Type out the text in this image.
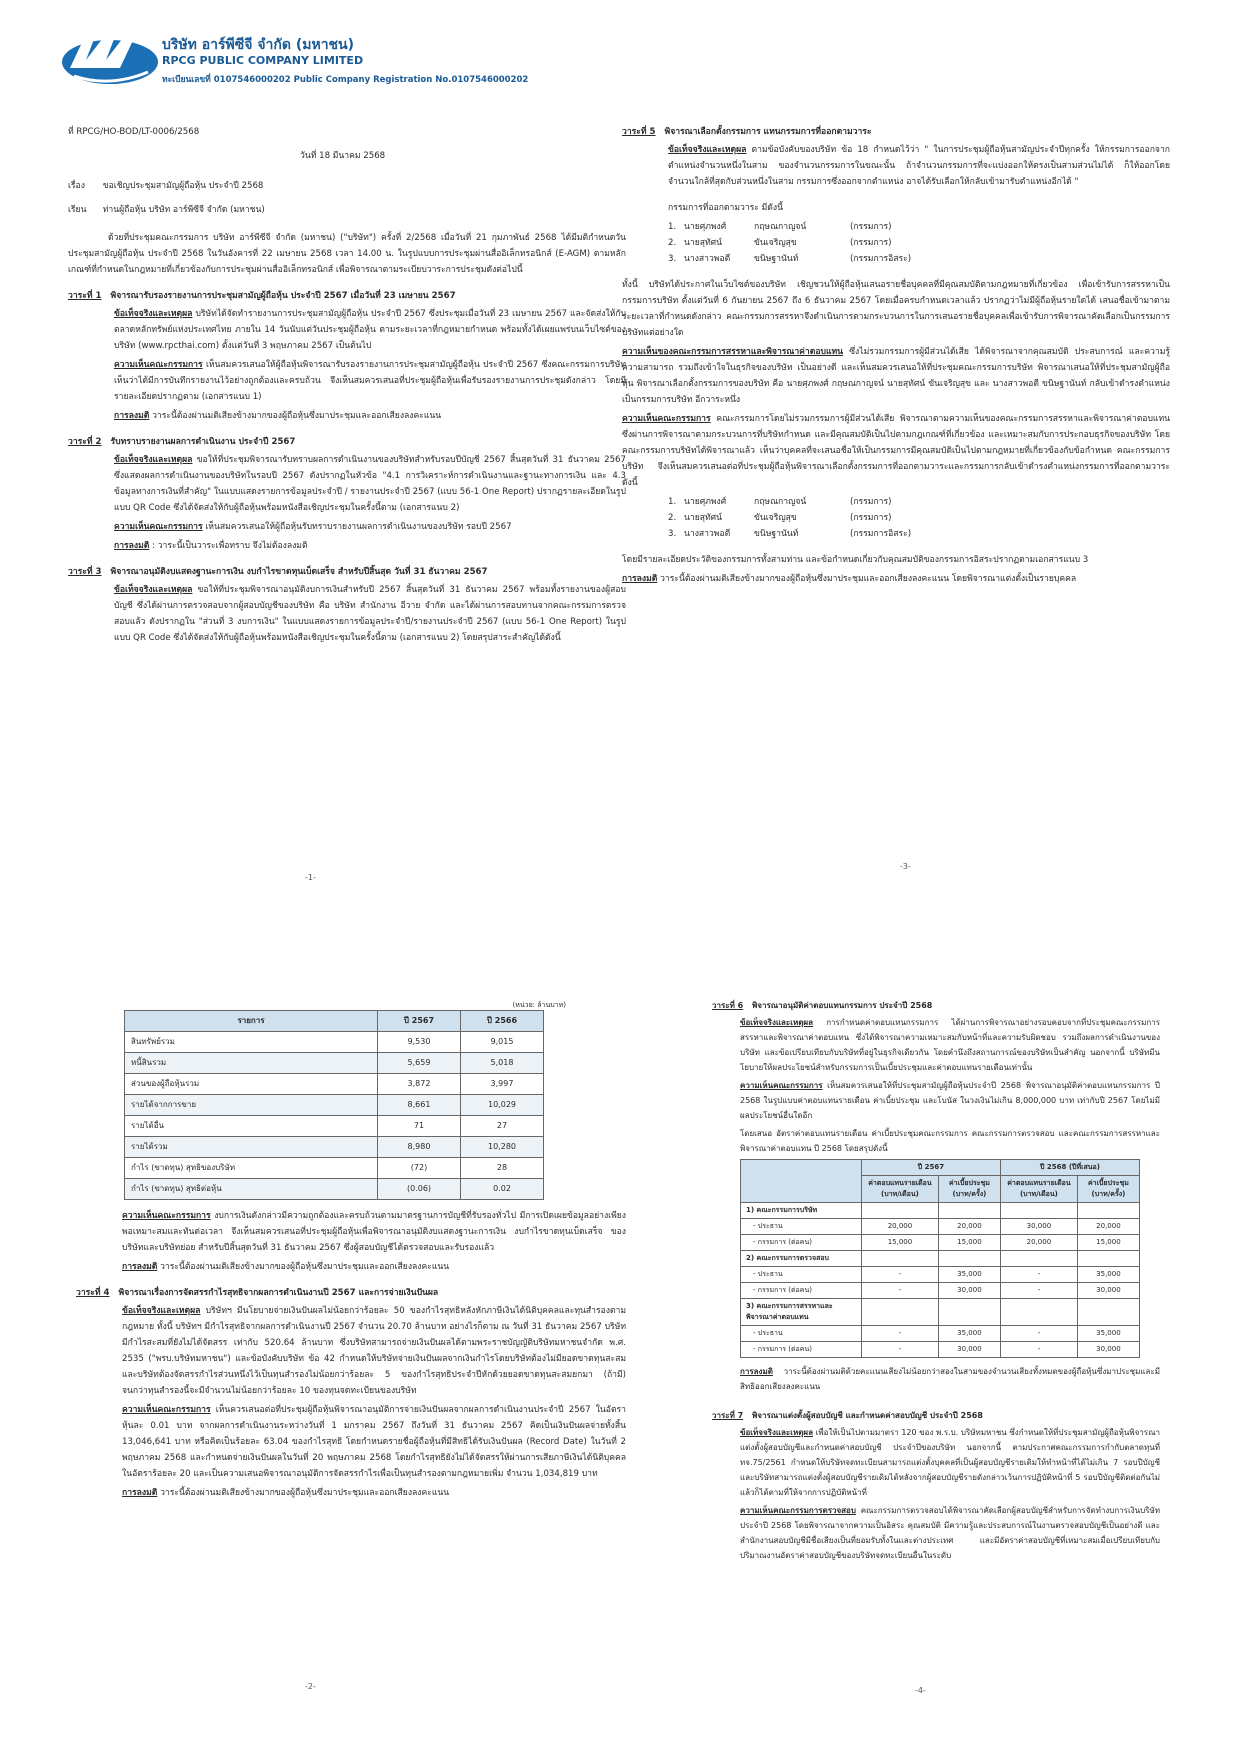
บริษัท อาร์พีซีจี จำกัด (มหาชน)
RPCG PUBLIC COMPANY LIMITED
ทะเบียนเลขที่ 0107546000202 Public Company Registration No.0107546000202

ที่ RPCG/HO-BOD/LT-0006/2568

วันที่ 18 มีนาคม 2568

เรื่อง ขอเชิญประชุมสามัญผู้ถือหุ้น ประจำปี 2568

เรียน ท่านผู้ถือหุ้น บริษัท อาร์พีซีจี จำกัด (มหาชน)

ด้วยที่ประชุมคณะกรรมการ บริษัท อาร์พีซีจี จำกัด (มหาชน) ("บริษัท") ครั้งที่ 2/2568 เมื่อวันที่ 21 กุมภาพันธ์ 2568 ได้มีมติกำหนดวันประชุมสามัญผู้ถือหุ้น ประจำปี 2568 ในวันอังคารที่ 22 เมษายน 2568 เวลา 14.00 น. ในรูปแบบการประชุมผ่านสื่ออิเล็กทรอนิกส์ (E-AGM) ตามหลักเกณฑ์ที่กำหนดในกฎหมายที่เกี่ยวข้องกับการประชุมผ่านสื่ออิเล็กทรอนิกส์ เพื่อพิจารณาตามระเบียบวาระการประชุมดังต่อไปนี้

วาระที่ 1 พิจารณารับรองรายงานการประชุมสามัญผู้ถือหุ้น ประจำปี 2567 เมื่อวันที่ 23 เมษายน 2567

ข้อเท็จจริงและเหตุผล บริษัทได้จัดทำรายงานการประชุมสามัญผู้ถือหุ้น ประจำปี 2567 ซึ่งประชุมเมื่อวันที่ 23 เมษายน 2567 และจัดส่งให้กับตลาดหลักทรัพย์แห่งประเทศไทย ภายใน 14 วันนับแต่วันประชุมผู้ถือหุ้น ตามระยะเวลาที่กฎหมายกำหนด พร้อมทั้งได้เผยแพร่บนเว็บไซต์ของบริษัท (www.rpcthai.com) ตั้งแต่วันที่ 3 พฤษภาคม 2567 เป็นต้นไป

ความเห็นคณะกรรมการ เห็นสมควรเสนอให้ผู้ถือหุ้นพิจารณารับรองรายงานการประชุมสามัญผู้ถือหุ้น ประจำปี 2567 ซึ่งคณะกรรมการบริษัท เห็นว่าได้มีการบันทึกรายงานไว้อย่างถูกต้องและครบถ้วน จึงเห็นสมควรเสนอที่ประชุมผู้ถือหุ้นเพื่อรับรองรายงานการประชุมดังกล่าว โดยมีรายละเอียดปรากฏตาม (เอกสารแนบ 1)

การลงมติ วาระนี้ต้องผ่านมติเสียงข้างมากของผู้ถือหุ้นซึ่งมาประชุมและออกเสียงลงคะแนน

วาระที่ 2 รับทราบรายงานผลการดำเนินงาน ประจำปี 2567

ข้อเท็จจริงและเหตุผล ขอให้ที่ประชุมพิจารณารับทราบผลการดำเนินงานของบริษัทสำหรับรอบปีบัญชี 2567 สิ้นสุดวันที่ 31 ธันวาคม 2567 ซึ่งแสดงผลการดำเนินงานของบริษัทในรอบปี 2567 ดังปรากฏในหัวข้อ "4.1 การวิเคราะห์การดำเนินงานและฐานะทางการเงิน และ 4.3 ข้อมูลทางการเงินที่สำคัญ" ในแบบแสดงรายการข้อมูลประจำปี / รายงานประจำปี 2567 (แบบ 56-1 One Report) ปรากฏรายละเอียดในรูปแบบ QR Code ซึ่งได้จัดส่งให้กับผู้ถือหุ้นพร้อมหนังสือเชิญประชุมในครั้งนี้ตาม (เอกสารแนบ 2)

ความเห็นคณะกรรมการ เห็นสมควรเสนอให้ผู้ถือหุ้นรับทราบรายงานผลการดำเนินงานของบริษัท รอบปี 2567

การลงมติ : วาระนี้เป็นวาระเพื่อทราบ จึงไม่ต้องลงมติ

วาระที่ 3 พิจารณาอนุมัติงบแสดงฐานะการเงิน งบกำไรขาดทุนเบ็ดเสร็จ สำหรับปีสิ้นสุด วันที่ 31 ธันวาคม 2567

ข้อเท็จจริงและเหตุผล ขอให้ที่ประชุมพิจารณาอนุมัติงบการเงินสำหรับปี 2567 สิ้นสุดวันที่ 31 ธันวาคม 2567 พร้อมทั้งรายงานของผู้สอบบัญชี ซึ่งได้ผ่านการตรวจสอบจากผู้สอบบัญชีของบริษัท คือ บริษัท สำนักงาน อีวาย จำกัด และได้ผ่านการสอบทานจากคณะกรรมการตรวจสอบแล้ว ดังปรากฏใน "ส่วนที่ 3 งบการเงิน" ในแบบแสดงรายการข้อมูลประจำปี/รายงานประจำปี 2567 (แบบ 56-1 One Report) ในรูปแบบ QR Code ซึ่งได้จัดส่งให้กับผู้ถือหุ้นพร้อมหนังสือเชิญประชุมในครั้งนี้ตาม (เอกสารแนบ 2) โดยสรุปสาระสำคัญได้ดังนี้

-1-
วาระที่ 5 พิจารณาเลือกตั้งกรรมการ แทนกรรมการที่ออกตามวาระ

ข้อเท็จจริงและเหตุผล ตามข้อบังคับของบริษัท ข้อ 18 กำหนดไว้ว่า " ในการประชุมผู้ถือหุ้นสามัญประจำปีทุกครั้ง ให้กรรมการออกจากตำแหน่งจำนวนหนึ่งในสาม ของจำนวนกรรมการในขณะนั้น ถ้าจำนวนกรรมการที่จะแบ่งออกให้ตรงเป็นสามส่วนไม่ได้ ก็ให้ออกโดยจำนวนใกล้ที่สุดกับส่วนหนึ่งในสาม กรรมการซึ่งออกจากตำแหน่ง อาจได้รับเลือกให้กลับเข้ามารับตำแหน่งอีกได้ "

กรรมการที่ออกตามวาระ มีดังนี้

1. นายศุภพงศ์	กฤษณกาญจน์	(กรรมการ)
2. นายสุทัศน์	ขันเจริญสุข	(กรรมการ)
3. นางสาวพอตี	ขนิษฐานันท์	(กรรมการอิสระ)

ทั้งนี้ บริษัทได้ประกาศในเว็บไซต์ของบริษัท เชิญชวนให้ผู้ถือหุ้นเสนอรายชื่อบุคคลที่มีคุณสมบัติตามกฎหมายที่เกี่ยวข้อง เพื่อเข้ารับการสรรหาเป็นกรรมการบริษัท ตั้งแต่วันที่ 6 กันยายน 2567 ถึง 6 ธันวาคม 2567 โดยเมื่อครบกำหนดเวลาแล้ว ปรากฏว่าไม่มีผู้ถือหุ้นรายใดได้ เสนอชื่อเข้ามาตามระยะเวลาที่กำหนดดังกล่าว คณะกรรมการสรรหาจึงดำเนินการตามกระบวนการในการเสนอรายชื่อบุคคลเพื่อเข้ารับการพิจารณาคัดเลือกเป็นกรรมการบริษัทแต่อย่างใด

ความเห็นของคณะกรรมการสรรหาและพิจารณาค่าตอบแทน ซึ่งไม่รวมกรรมการผู้มีส่วนได้เสีย ได้พิจารณาจากคุณสมบัติ ประสบการณ์ และความรู้ความสามารถ รวมถึงเข้าใจในธุรกิจของบริษัท เป็นอย่างดี และเห็นสมควรเสนอให้ที่ประชุมคณะกรรมการบริษัท พิจารณาเสนอให้ที่ประชุมสามัญผู้ถือหุ้น พิจารณาเลือกตั้งกรรมการของบริษัท คือ นายศุภพงศ์ กฤษณกาญจน์ นายสุทัศน์ ขันเจริญสุข และ นางสาวพอตี ขนิษฐานันท์ กลับเข้าดำรงตำแหน่งเป็นกรรมการบริษัท อีกวาระหนึ่ง

ความเห็นคณะกรรมการ คณะกรรมการโดยไม่รวมกรรมการผู้มีส่วนได้เสีย พิจารณาตามความเห็นของคณะกรรมการสรรหาและพิจารณาค่าตอบแทน ซึ่งผ่านการพิจารณาตามกระบวนการที่บริษัทกำหนด และมีคุณสมบัติเป็นไปตามกฎเกณฑ์ที่เกี่ยวข้อง และเหมาะสมกับการประกอบธุรกิจของบริษัท โดยคณะกรรมการบริษัทได้พิจารณาแล้ว เห็นว่าบุคคลที่จะเสนอชื่อให้เป็นกรรมการมีคุณสมบัติเป็นไปตามกฎหมายที่เกี่ยวข้องกับข้อกำหนด คณะกรรมการบริษัท จึงเห็นสมควรเสนอต่อที่ประชุมผู้ถือหุ้นพิจารณาเลือกตั้งกรรมการที่ออกตามวาระและกรรมการกลับเข้าดำรงตำแหน่งกรรมการที่ออกตามวาระ ดังนี้

1. นายศุภพงศ์	กฤษณกาญจน์	(กรรมการ)
2. นายสุทัศน์	ขันเจริญสุข	(กรรมการ)
3. นางสาวพอตี	ขนิษฐานันท์	(กรรมการอิสระ)

โดยมีรายละเอียดประวัติของกรรมการทั้งสามท่าน และข้อกำหนดเกี่ยวกับคุณสมบัติของกรรมการอิสระปรากฏตามเอกสารแนบ 3

การลงมติ วาระนี้ต้องผ่านมติเสียงข้างมากของผู้ถือหุ้นซึ่งมาประชุมและออกเสียงลงคะแนน โดยพิจารณาแต่งตั้งเป็นรายบุคคล

-3-
(หน่วย: ล้านบาท)
รายการ	ปี 2567	ปี 2566
สินทรัพย์รวม	9,530	9,015
หนี้สินรวม	5,659	5,018
ส่วนของผู้ถือหุ้นรวม	3,872	3,997
รายได้จากการขาย	8,661	10,029
รายได้อื่น	71	27
รายได้รวม	8,980	10,280
กำไร (ขาดทุน) สุทธิของบริษัท	(72)	28
กำไร (ขาดทุน) สุทธิต่อหุ้น	(0.06)	0.02

ความเห็นคณะกรรมการ งบการเงินดังกล่าวมีความถูกต้องและครบถ้วนตามมาตรฐานการบัญชีที่รับรองทั่วไป มีการเปิดเผยข้อมูลอย่างเพียงพอเหมาะสมและทันต่อเวลา จึงเห็นสมควรเสนอที่ประชุมผู้ถือหุ้นเพื่อพิจารณาอนุมัติงบแสดงฐานะการเงิน งบกำไรขาดทุนเบ็ดเสร็จ ของบริษัทและบริษัทย่อย สำหรับปีสิ้นสุดวันที่ 31 ธันวาคม 2567 ซึ่งผู้สอบบัญชีได้ตรวจสอบและรับรองแล้ว

การลงมติ วาระนี้ต้องผ่านมติเสียงข้างมากของผู้ถือหุ้นซึ่งมาประชุมและออกเสียงลงคะแนน

วาระที่ 4 พิจารณาเรื่องการจัดสรรกำไรสุทธิจากผลการดำเนินงานปี 2567 และการจ่ายเงินปันผล

ข้อเท็จจริงและเหตุผล บริษัทฯ มีนโยบายจ่ายเงินปันผลไม่น้อยกว่าร้อยละ 50 ของกำไรสุทธิหลังหักภาษีเงินได้นิติบุคคลและทุนสำรองตามกฎหมาย ทั้งนี้ บริษัทฯ มีกำไรสุทธิจากผลการดำเนินงานปี 2567 จำนวน 20.70 ล้านบาท อย่างไรก็ตาม ณ วันที่ 31 ธันวาคม 2567 บริษัทมีกำไรสะสมที่ยังไม่ได้จัดสรร เท่ากับ 520.64 ล้านบาท ซึ่งบริษัทสามารถจ่ายเงินปันผลได้ตามพระราชบัญญัติบริษัทมหาชนจำกัด พ.ศ. 2535 ("พรบ.บริษัทมหาชน") และข้อบังคับบริษัท ข้อ 42 กำหนดให้บริษัทจ่ายเงินปันผลจากเงินกำไรโดยบริษัทต้องไม่มียอดขาดทุนสะสม และบริษัทต้องจัดสรรกำไรส่วนหนึ่งไว้เป็นทุนสำรองไม่น้อยกว่าร้อยละ 5 ของกำไรสุทธิประจำปีหักด้วยยอดขาดทุนสะสมยกมา (ถ้ามี) จนกว่าทุนสำรองนี้จะมีจำนวนไม่น้อยกว่าร้อยละ 10 ของทุนจดทะเบียนของบริษัท

ความเห็นคณะกรรมการ เห็นควรเสนอต่อที่ประชุมผู้ถือหุ้นพิจารณาอนุมัติการจ่ายเงินปันผลจากผลการดำเนินงานประจำปี 2567 ในอัตราหุ้นละ 0.01 บาท จากผลการดำเนินงานระหว่างวันที่ 1 มกราคม 2567 ถึงวันที่ 31 ธันวาคม 2567 คิดเป็นเงินปันผลจ่ายทั้งสิ้น 13,046,641 บาท หรือคิดเป็นร้อยละ 63.04 ของกำไรสุทธิ โดยกำหนดรายชื่อผู้ถือหุ้นที่มีสิทธิได้รับเงินปันผล (Record Date) ในวันที่ 2 พฤษภาคม 2568 และกำหนดจ่ายเงินปันผลในวันที่ 20 พฤษภาคม 2568 โดยกำไรสุทธิยังไม่ได้จัดสรรให้ผ่านการเสียภาษีเงินได้นิติบุคคลในอัตราร้อยละ 20 และเป็นความเสนอพิจารณาอนุมัติการจัดสรรกำไรเพื่อเป็นทุนสำรองตามกฎหมายเพิ่ม จำนวน 1,034,819 บาท

การลงมติ วาระนี้ต้องผ่านมติเสียงข้างมากของผู้ถือหุ้นซึ่งมาประชุมและออกเสียงลงคะแนน

-2-
วาระที่ 6 พิจารณาอนุมัติค่าตอบแทนกรรมการ ประจำปี 2568

ข้อเท็จจริงและเหตุผล การกำหนดค่าตอบแทนกรรมการ ได้ผ่านการพิจารณาอย่างรอบคอบจากที่ประชุมคณะกรรมการสรรหาและพิจารณาค่าตอบแทน ซึ่งได้พิจารณาความเหมาะสมกับหน้าที่และความรับผิดชอบ รวมถึงผลการดำเนินงานของบริษัท และข้อเปรียบเทียบกับบริษัทที่อยู่ในธุรกิจเดียวกัน โดยคำนึงถึงสถานการณ์ของบริษัทเป็นสำคัญ นอกจากนี้ บริษัทมีนโยบายให้ผลประโยชน์สำหรับกรรมการเป็นเบี้ยประชุมและค่าตอบแทนรายเดือนเท่านั้น

ความเห็นคณะกรรมการ เห็นสมควรเสนอให้ที่ประชุมสามัญผู้ถือหุ้นประจำปี 2568 พิจารณาอนุมัติค่าตอบแทนกรรมการ ปี 2568 ในรูปแบบค่าตอบแทนรายเดือน ค่าเบี้ยประชุม และโบนัส ในวงเงินไม่เกิน 8,000,000 บาท เท่ากับปี 2567 โดยไม่มีผลประโยชน์อื่นใดอีก

โดยเสนอ อัตราค่าตอบแทนรายเดือน ค่าเบี้ยประชุมคณะกรรมการ คณะกรรมการตรวจสอบ และคณะกรรมการสรรหาและพิจารณาค่าตอบแทน ปี 2568 โดยสรุปดังนี้

	ปี 2567		ปี 2568 (ปีที่เสนอ)	
	ค่าตอบแทนรายเดือน (บาท/เดือน)	ค่าเบี้ยประชุม (บาท/ครั้ง)	ค่าตอบแทนรายเดือน (บาท/เดือน)	ค่าเบี้ยประชุม (บาท/ครั้ง)
1) คณะกรรมการบริษัท				
- ประธาน	20,000	20,000	30,000	20,000
- กรรมการ (ต่อคน)	15,000	15,000	20,000	15,000
2) คณะกรรมการตรวจสอบ				
- ประธาน	-	35,000	-	35,000
- กรรมการ (ต่อคน)	-	30,000	-	30,000
3) คณะกรรมการสรรหาและพิจารณาค่าตอบแทน				
- ประธาน	-	35,000	-	35,000
- กรรมการ (ต่อคน)	-	30,000	-	30,000

การลงมติ วาระนี้ต้องผ่านมติด้วยคะแนนเสียงไม่น้อยกว่าสองในสามของจำนวนเสียงทั้งหมดของผู้ถือหุ้นซึ่งมาประชุมและมีสิทธิออกเสียงลงคะแนน

วาระที่ 7 พิจารณาแต่งตั้งผู้สอบบัญชี และกำหนดค่าสอบบัญชี ประจำปี 2568

ข้อเท็จจริงและเหตุผล เพื่อให้เป็นไปตามมาตรา 120 ของ พ.ร.บ. บริษัทมหาชน ซึ่งกำหนดให้ที่ประชุมสามัญผู้ถือหุ้นพิจารณาแต่งตั้งผู้สอบบัญชีและกำหนดค่าสอบบัญชี ประจำปีของบริษัท นอกจากนี้ ตามประกาศคณะกรรมการกำกับตลาดทุนที่ ทจ.75/2561 กำหนดให้บริษัทจดทะเบียนสามารถแต่งตั้งบุคคลที่เป็นผู้สอบบัญชีรายเดิมให้ทำหน้าที่ได้ไม่เกิน 7 รอบปีบัญชี และบริษัทสามารถแต่งตั้งผู้สอบบัญชีรายเดิมได้หลังจากผู้สอบบัญชีรายดังกล่าวเว้นการปฏิบัติหน้าที่ 5 รอบปีบัญชีติดต่อกันไม่แล้วก็ได้ตามที่ให้จากการปฏิบัติหน้าที่

ความเห็นคณะกรรมการตรวจสอบ คณะกรรมการตรวจสอบได้พิจารณาคัดเลือกผู้สอบบัญชีสำหรับการจัดทำงบการเงินบริษัทประจำปี 2568 โดยพิจารณาจากความเป็นอิสระ คุณสมบัติ มีความรู้และประสบการณ์ในงานตรวจสอบบัญชีเป็นอย่างดี และสำนักงานสอบบัญชีมีชื่อเสียงเป็นที่ยอมรับทั้งในและต่างประเทศ และมีอัตราค่าสอบบัญชีที่เหมาะสมเมื่อเปรียบเทียบกับปริมาณงานอัตราค่าสอบบัญชีของบริษัทจดทะเบียนอื่นในระดับ

-4-
